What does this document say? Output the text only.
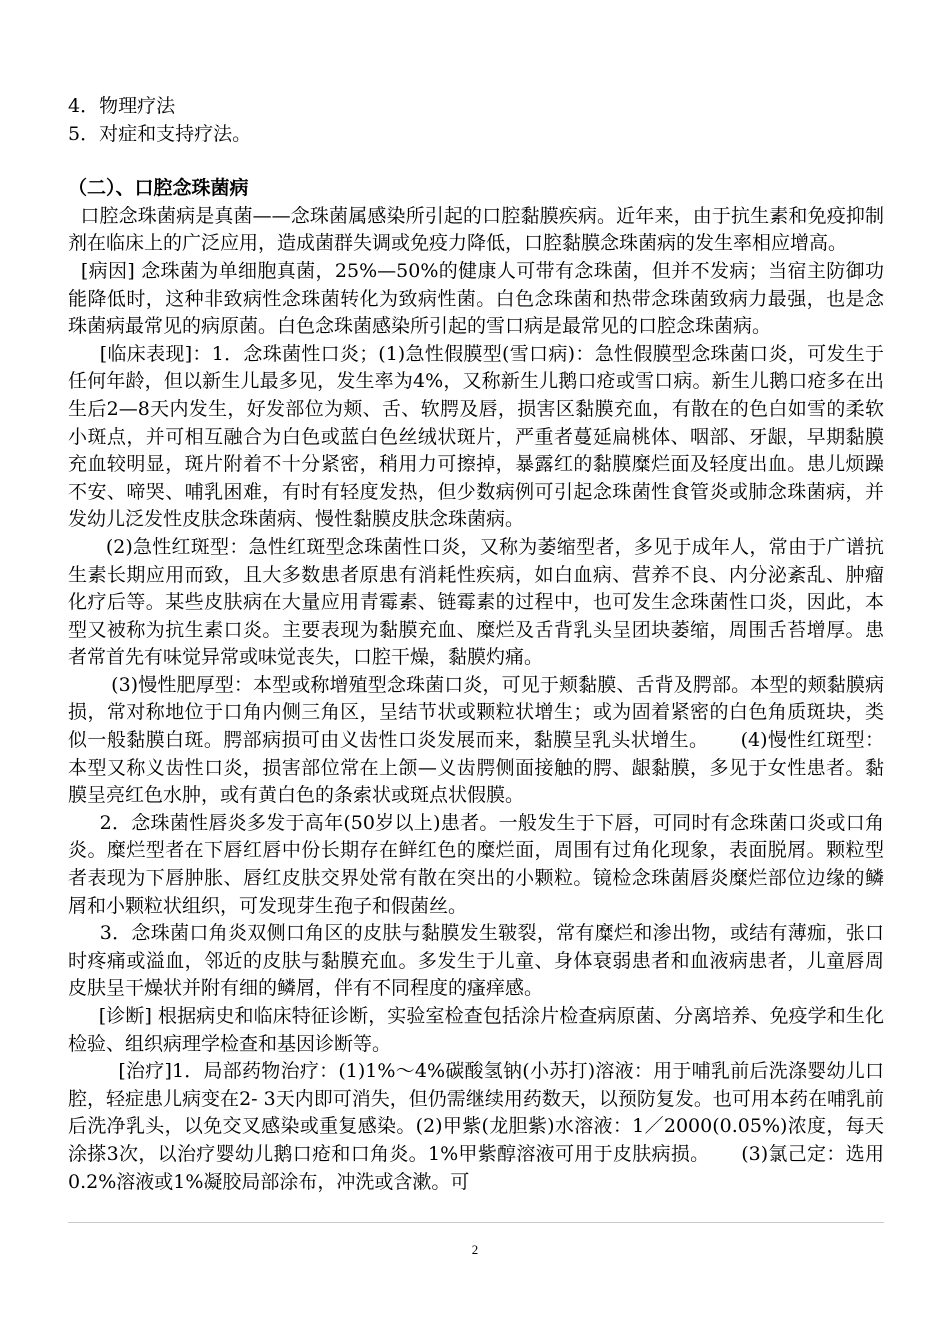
4．物理疗法

5．对症和支持疗法。

（二）、口腔念珠菌病

口腔念珠菌病是真菌——念珠菌属感染所引起的口腔黏膜疾病。近年来，由于抗生素和免疫抑制剂在临床上的广泛应用，造成菌群失调或免疫力降低，口腔黏膜念珠菌病的发生率相应增高。

[病因] 念珠菌为单细胞真菌，25%—50%的健康人可带有念珠菌，但并不发病；当宿主防御功能降低时，这种非致病性念珠菌转化为致病性菌。白色念珠菌和热带念珠菌致病力最强，也是念珠菌病最常见的病原菌。白色念珠菌感染所引起的雪口病是最常见的口腔念珠菌病。

[临床表现]：1．念珠菌性口炎；(1)急性假膜型(雪口病)：急性假膜型念珠菌口炎，可发生于任何年龄，但以新生儿最多见，发生率为4%，又称新生儿鹅口疮或雪口病。新生儿鹅口疮多在出生后2—8天内发生，好发部位为颊、舌、软腭及唇，损害区黏膜充血，有散在的色白如雪的柔软小斑点，并可相互融合为白色或蓝白色丝绒状斑片，严重者蔓延扁桃体、咽部、牙龈，早期黏膜充血较明显，斑片附着不十分紧密，稍用力可擦掉，暴露红的黏膜糜烂面及轻度出血。患儿烦躁不安、啼哭、哺乳困难，有时有轻度发热，但少数病例可引起念珠菌性食管炎或肺念珠菌病，并发幼儿泛发性皮肤念珠菌病、慢性黏膜皮肤念珠菌病。

(2)急性红斑型：急性红斑型念珠菌性口炎，又称为萎缩型者，多见于成年人，常由于广谱抗生素长期应用而致，且大多数患者原患有消耗性疾病，如白血病、营养不良、内分泌紊乱、肿瘤化疗后等。某些皮肤病在大量应用青霉素、链霉素的过程中，也可发生念珠菌性口炎，因此，本型又被称为抗生素口炎。主要表现为黏膜充血、糜烂及舌背乳头呈团块萎缩，周围舌苔增厚。患者常首先有味觉异常或味觉丧失，口腔干燥，黏膜灼痛。

(3)慢性肥厚型：本型或称增殖型念珠菌口炎，可见于颊黏膜、舌背及腭部。本型的颊黏膜病损，常对称地位于口角内侧三角区，呈结节状或颗粒状增生；或为固着紧密的白色角质斑块，类似一般黏膜白斑。腭部病损可由义齿性口炎发展而来，黏膜呈乳头状增生。     (4)慢性红斑型：本型又称义齿性口炎，损害部位常在上颌—义齿腭侧面接触的腭、龈黏膜，多见于女性患者。黏膜呈亮红色水肿，或有黄白色的条索状或斑点状假膜。

2．念珠菌性唇炎多发于高年(50岁以上)患者。一般发生于下唇，可同时有念珠菌口炎或口角炎。糜烂型者在下唇红唇中份长期存在鲜红色的糜烂面，周围有过角化现象，表面脱屑。颗粒型者表现为下唇肿胀、唇红皮肤交界处常有散在突出的小颗粒。镜检念珠菌唇炎糜烂部位边缘的鳞屑和小颗粒状组织，可发现芽生孢子和假菌丝。

3．念珠菌口角炎双侧口角区的皮肤与黏膜发生皲裂，常有糜烂和渗出物，或结有薄痂，张口时疼痛或溢血，邻近的皮肤与黏膜充血。多发生于儿童、身体衰弱患者和血液病患者，儿童唇周皮肤呈干燥状并附有细的鳞屑，伴有不同程度的瘙痒感。

[诊断] 根据病史和临床特征诊断，实验室检查包括涂片检查病原菌、分离培养、免疫学和生化检验、组织病理学检查和基因诊断等。

[治疗]1．局部药物治疗：(1)1%～4%碳酸氢钠(小苏打)溶液：用于哺乳前后洗涤婴幼儿口腔，轻症患儿病变在2- 3天内即可消失，但仍需继续用药数天，以预防复发。也可用本药在哺乳前后洗净乳头，以免交叉感染或重复感染。(2)甲紫(龙胆紫)水溶液：1／2000(0.05%)浓度，每天涂搽3次，以治疗婴幼儿鹅口疮和口角炎。1%甲紫醇溶液可用于皮肤病损。     (3)氯己定：选用0.2%溶液或1%凝胶局部涂布，冲洗或含漱。可

2
